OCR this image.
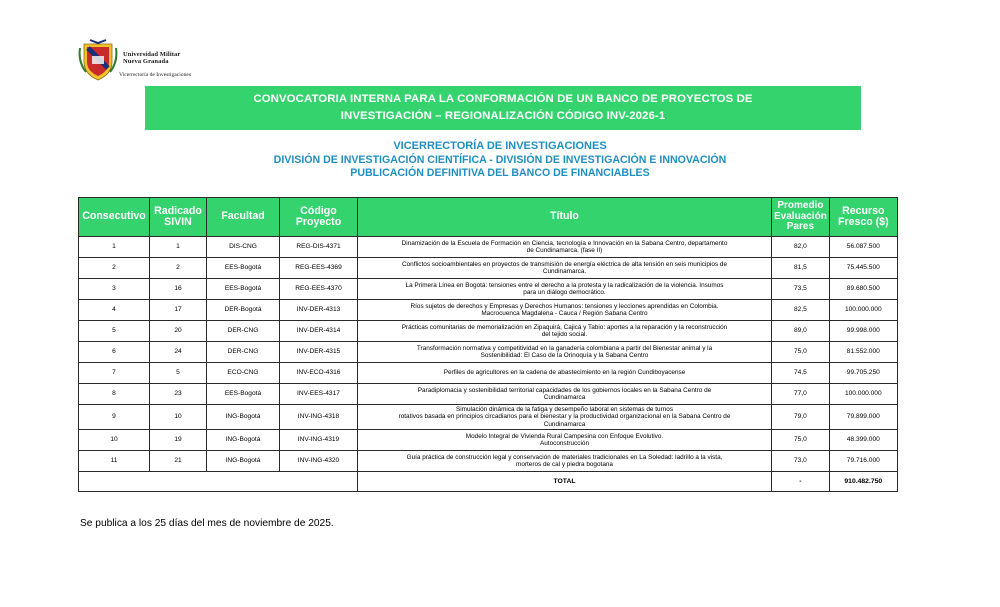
Universidad Militar
Nueva Granada
Vicerrectoría de Investigaciones
CONVOCATORIA INTERNA PARA LA CONFORMACIÓN DE UN BANCO DE PROYECTOS DE
INVESTIGACIÓN – REGIONALIZACIÓN CÓDIGO INV-2026-1
VICERRECTORÍA DE INVESTIGACIONES
DIVISIÓN DE INVESTIGACIÓN CIENTÍFICA - DIVISIÓN DE INVESTIGACIÓN E INNOVACIÓN
PUBLICACIÓN DEFINITIVA DEL BANCO DE FINANCIABLES
Consecutivo	Radicado SIVIN	Facultad	Código Proyecto	Título	Promedio Evaluación Pares	Recurso Fresco ($)
1	1	DIS-CNG	REG-DIS-4371	Dinamización de la Escuela de Formación en Ciencia, tecnología e Innovación en la Sabana Centro, departamento
de Cundinamarca. (fase II)	82,0	56.087.500
2	2	EES-Bogotá	REG-EES-4369	Conflictos socioambientales en proyectos de transmisión de energía eléctrica de alta tensión en seis municipios de
Cundinamarca.	81,5	75.445.500
3	16	EES-Bogotá	REG-EES-4370	La Primera Línea en Bogotá: tensiones entre el derecho a la protesta y la radicalización de la violencia. Insumos
para un diálogo democrático.	73,5	89.680.500
4	17	DER-Bogotá	INV-DER-4313	Ríos sujetos de derechos y Empresas y Derechos Humanos: tensiones y lecciones aprendidas en Colombia.
Macrocuenca Magdalena - Cauca / Región Sabana Centro	82,5	100.000.000
5	20	DER-CNG	INV-DER-4314	Prácticas comunitarias de memorialización en Zipaquirá, Cajicá y Tabio: aportes a la reparación y la reconstrucción
del tejido social.	89,0	99.998.000
6	24	DER-CNG	INV-DER-4315	Transformación normativa y competitividad en la ganadería colombiana a partir del Bienestar animal y la
Sostenibilidad: El Caso de la Orinoquía y la Sabana Centro	75,0	81.552.000
7	5	ECO-CNG	INV-ECO-4316	Perfiles de agricultores en la cadena de abastecimiento en la región Cundiboyacense	74,5	99.705.250
8	23	EES-Bogotá	INV-EES-4317	Paradiplomacia y sostenibilidad territorial capacidades de los gobiernos locales en la Sabana Centro de
Cundinamarca	77,0	100.000.000
9	10	ING-Bogotá	INV-ING-4318	Simulación dinámica de la fatiga y desempeño laboral en sistemas de turnos
rotativos basada en principios circadianos para el bienestar y la productividad organizacional en la Sabana Centro de
Cundinamarca	79,0	79.899.000
10	19	ING-Bogotá	INV-ING-4319	Modelo Integral de Vivienda Rural Campesina con Enfoque Evolutivo.
Autoconstrucción	75,0	48.399.000
11	21	ING-Bogotá	INV-ING-4320	Guía práctica de construcción legal y conservación de materiales tradicionales en La Soledad: ladrillo a la vista,
morteros de cal y piedra bogotana	73,0	79.716.000
				TOTAL	-	910.482.750
Se publica a los 25 días del mes de noviembre de 2025.
